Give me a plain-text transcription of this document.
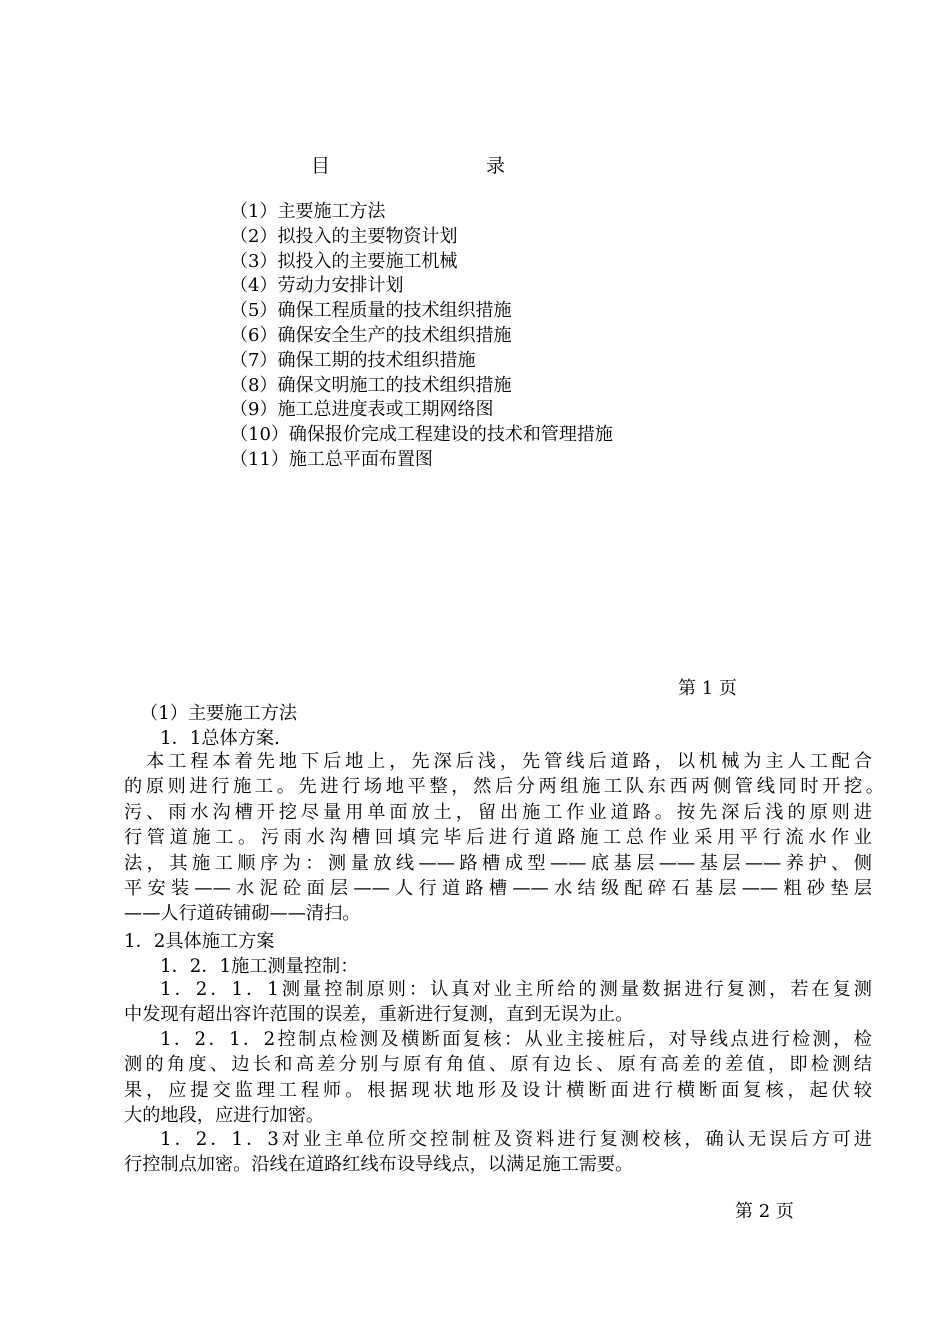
目	录
（1）主要施工方法
（2）拟投入的主要物资计划
（3）拟投入的主要施工机械
（4）劳动力安排计划
（5）确保工程质量的技术组织措施
（6）确保安全生产的技术组织措施
（7）确保工期的技术组织措施
（8）确保文明施工的技术组织措施
（9）施工总进度表或工期网络图
（10）确保报价完成工程建设的技术和管理措施
（11）施工总平面布置图
第 1 页
（1）主要施工方法
1．1总体方案.
本工程本着先地下后地上，先深后浅，先管线后道路，以机械为主人工配合
的原则进行施工。先进行场地平整，然后分两组施工队东西两侧管线同时开挖。
污、雨水沟槽开挖尽量用单面放土，留出施工作业道路。按先深后浅的原则进
行管道施工。污雨水沟槽回填完毕后进行道路施工总作业采用平行流水作业
法，其施工顺序为：测量放线——路槽成型——底基层——基层——养护、侧
平安装——水泥砼面层——人行道路槽——水结级配碎石基层——粗砂垫层
——人行道砖铺砌——清扫。
1．2具体施工方案
1．2．1施工测量控制：
1．2．1．1测量控制原则：认真对业主所给的测量数据进行复测，若在复测
中发现有超出容许范围的误差，重新进行复测，直到无误为止。
1．2．1．2控制点检测及横断面复核：从业主接桩后，对导线点进行检测，检
测的角度、边长和高差分别与原有角值、原有边长、原有高差的差值，即检测结
果，应提交监理工程师。根据现状地形及设计横断面进行横断面复核，起伏较
大的地段，应进行加密。
1．2．1．3对业主单位所交控制桩及资料进行复测校核，确认无误后方可进
行控制点加密。沿线在道路红线布设导线点，以满足施工需要。
第 2 页
